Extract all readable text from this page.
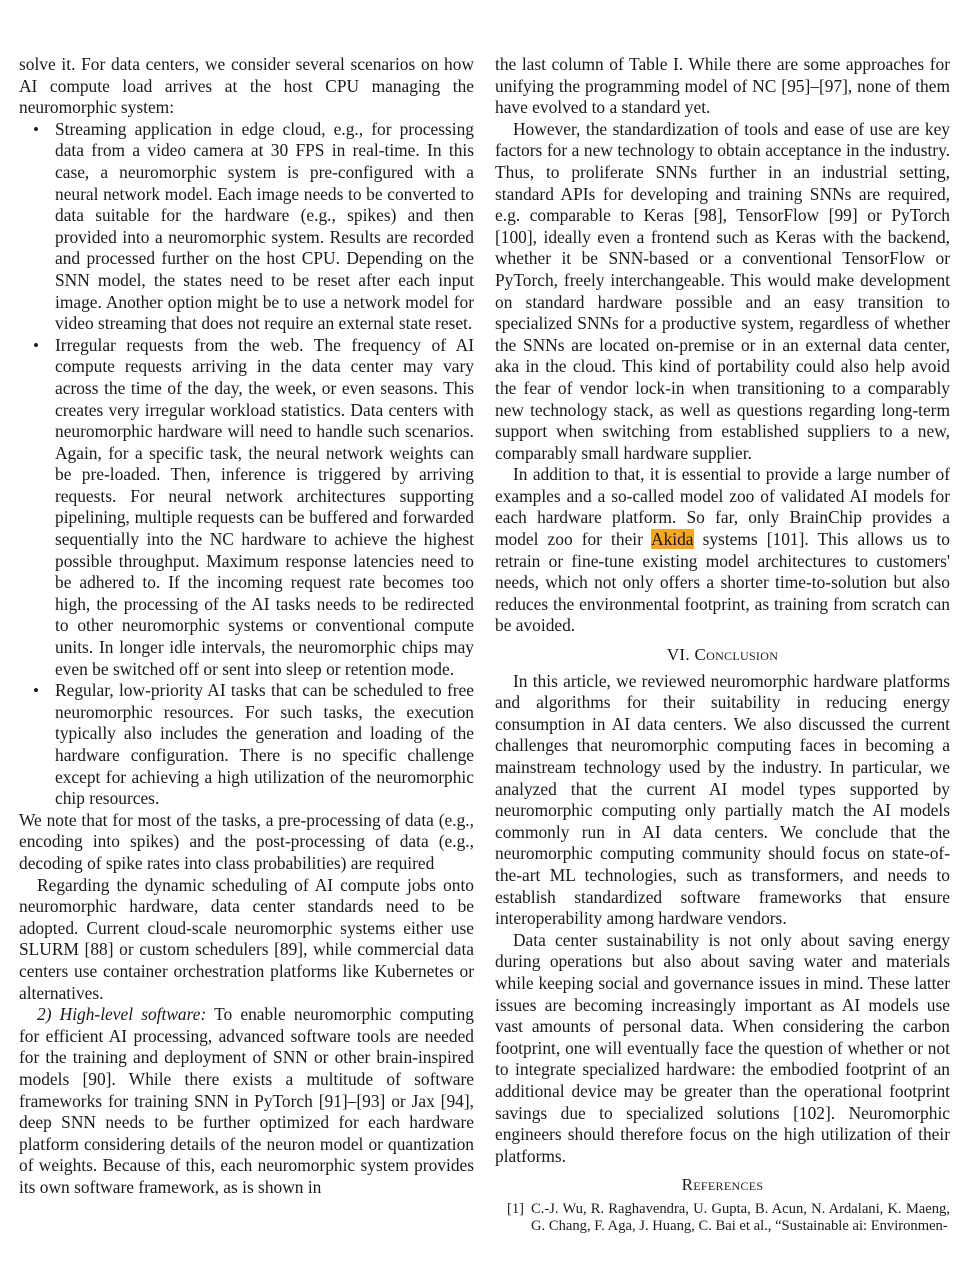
solve it. For data centers, we consider several scenarios on how AI compute load arrives at the host CPU managing the neuromorphic system:

• Streaming application in edge cloud, e.g., for processing data from a video camera at 30 FPS in real-time. In this case, a neuromorphic system is pre-configured with a neural network model. Each image needs to be converted to data suitable for the hardware (e.g., spikes) and then provided into a neuromorphic system. Results are recorded and processed further on the host CPU. Depending on the SNN model, the states need to be reset after each input image. Another option might be to use a network model for video streaming that does not require an external state reset.
• Irregular requests from the web. The frequency of AI compute requests arriving in the data center may vary across the time of the day, the week, or even seasons. This creates very irregular workload statistics. Data centers with neuromorphic hardware will need to handle such scenarios. Again, for a specific task, the neural network weights can be pre-loaded. Then, inference is triggered by arriving requests. For neural network architectures supporting pipelining, multiple requests can be buffered and forwarded sequentially into the NC hardware to achieve the highest possible throughput. Maximum response latencies need to be adhered to. If the incoming request rate becomes too high, the processing of the AI tasks needs to be redirected to other neuromorphic systems or conventional compute units. In longer idle intervals, the neuromorphic chips may even be switched off or sent into sleep or retention mode.
• Regular, low-priority AI tasks that can be scheduled to free neuromorphic resources. For such tasks, the execution typically also includes the generation and loading of the hardware configuration. There is no specific challenge except for achieving a high utilization of the neuromorphic chip resources.

We note that for most of the tasks, a pre-processing of data (e.g., encoding into spikes) and the post-processing of data (e.g., decoding of spike rates into class probabilities) are required

Regarding the dynamic scheduling of AI compute jobs onto neuromorphic hardware, data center standards need to be adopted. Current cloud-scale neuromorphic systems either use SLURM [88] or custom schedulers [89], while commercial data centers use container orchestration platforms like Kubernetes or alternatives.

2) High-level software: To enable neuromorphic computing for efficient AI processing, advanced software tools are needed for the training and deployment of SNN or other brain-inspired models [90]. While there exists a multitude of software frameworks for training SNN in PyTorch [91]–[93] or Jax [94], deep SNN needs to be further optimized for each hardware platform considering details of the neuron model or quantization of weights. Because of this, each neuromorphic system provides its own software framework, as is shown in

the last column of Table I. While there are some approaches for unifying the programming model of NC [95]–[97], none of them have evolved to a standard yet.

However, the standardization of tools and ease of use are key factors for a new technology to obtain acceptance in the industry. Thus, to proliferate SNNs further in an industrial setting, standard APIs for developing and training SNNs are required, e.g. comparable to Keras [98], TensorFlow [99] or PyTorch [100], ideally even a frontend such as Keras with the backend, whether it be SNN-based or a conventional TensorFlow or PyTorch, freely interchangeable. This would make development on standard hardware possible and an easy transition to specialized SNNs for a productive system, regardless of whether the SNNs are located on-premise or in an external data center, aka in the cloud. This kind of portability could also help avoid the fear of vendor lock-in when transitioning to a comparably new technology stack, as well as questions regarding long-term support when switching from established suppliers to a new, comparably small hardware supplier.

In addition to that, it is essential to provide a large number of examples and a so-called model zoo of validated AI models for each hardware platform. So far, only BrainChip provides a model zoo for their Akida systems [101]. This allows us to retrain or fine-tune existing model architectures to customers' needs, which not only offers a shorter time-to-solution but also reduces the environmental footprint, as training from scratch can be avoided.

VI. Conclusion

In this article, we reviewed neuromorphic hardware platforms and algorithms for their suitability in reducing energy consumption in AI data centers. We also discussed the current challenges that neuromorphic computing faces in becoming a mainstream technology used by the industry. In particular, we analyzed that the current AI model types supported by neuromorphic computing only partially match the AI models commonly run in AI data centers. We conclude that the neuromorphic computing community should focus on state-of-the-art ML technologies, such as transformers, and needs to establish standardized software frameworks that ensure interoperability among hardware vendors.

Data center sustainability is not only about saving energy during operations but also about saving water and materials while keeping social and governance issues in mind. These latter issues are becoming increasingly important as AI models use vast amounts of personal data. When considering the carbon footprint, one will eventually face the question of whether or not to integrate specialized hardware: the embodied footprint of an additional device may be greater than the operational footprint savings due to specialized solutions [102]. Neuromorphic engineers should therefore focus on the high utilization of their platforms.

References
[1] C.-J. Wu, R. Raghavendra, U. Gupta, B. Acun, N. Ardalani, K. Maeng, G. Chang, F. Aga, J. Huang, C. Bai et al., “Sustainable ai: Environmen-
